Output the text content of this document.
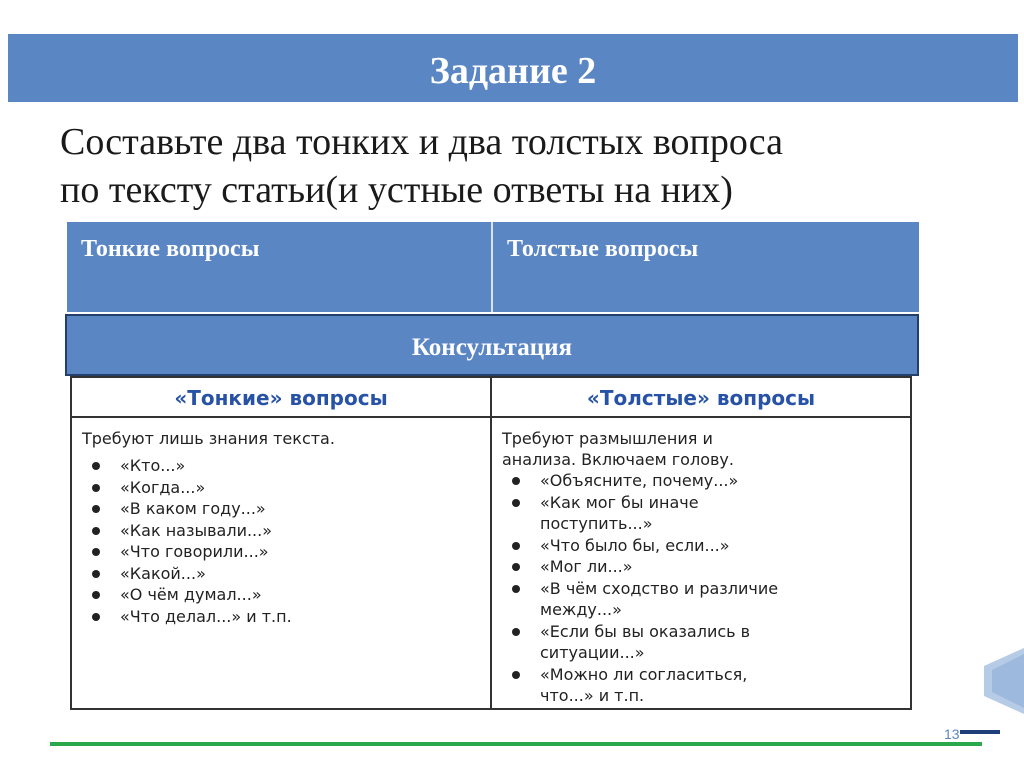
Задание 2
Составьте два тонких и два толстых вопроса
по тексту статьи(и устные ответы на них)
Тонкие вопросы	Толстые вопросы
Консультация
«Тонкие» вопросы	«Толстые» вопросы
Требуют лишь знания текста.
«Кто...»
«Когда...»
«В каком году...»
«Как называли...»
«Что говорили...»
«Какой...»
«О чём думал...»
«Что делал...» и т.п.
Требуют размышления и
анализа. Включаем голову.
«Объясните, почему...»
«Как мог бы иначе
поступить...»
«Что было бы, если...»
«Мог ли...»
«В чём сходство и различие
между...»
«Если бы вы оказались в
ситуации...»
«Можно ли согласиться,
что...» и т.п.
13
